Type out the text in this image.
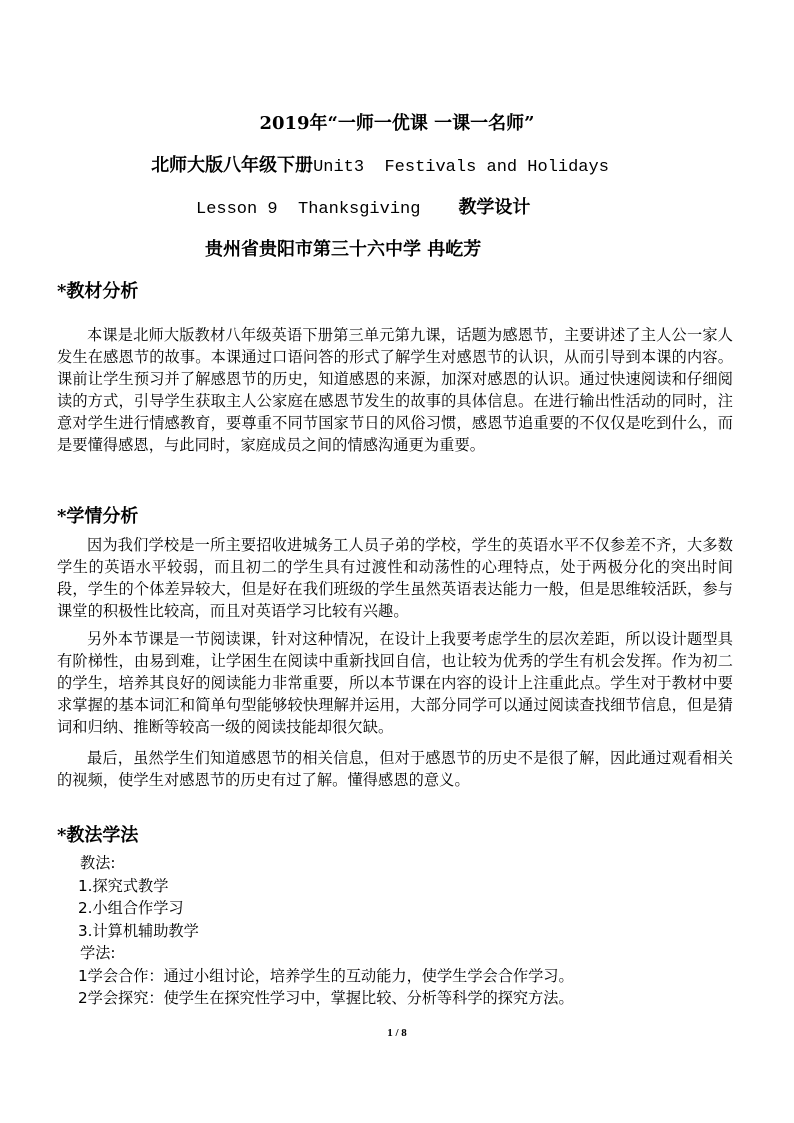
2019年“一师一优课 一课一名师”
北师大版八年级下册Unit3  Festivals and Holidays
Lesson 9  Thanksgiving 教学设计
贵州省贵阳市第三十六中学 冉屹芳
*教材分析
本课是北师大版教材八年级英语下册第三单元第九课，话题为感恩节，主要讲述了主人公一家人发生在感恩节的故事。本课通过口语问答的形式了解学生对感恩节的认识，从而引导到本课的内容。课前让学生预习并了解感恩节的历史，知道感恩的来源，加深对感恩的认识。通过快速阅读和仔细阅读的方式，引导学生获取主人公家庭在感恩节发生的故事的具体信息。在进行输出性活动的同时，注意对学生进行情感教育，要尊重不同节国家节日的风俗习惯，感恩节追重要的不仅仅是吃到什么，而是要懂得感恩，与此同时，家庭成员之间的情感沟通更为重要。
*学情分析
因为我们学校是一所主要招收进城务工人员子弟的学校，学生的英语水平不仅参差不齐，大多数学生的英语水平较弱，而且初二的学生具有过渡性和动荡性的心理特点，处于两极分化的突出时间段，学生的个体差异较大，但是好在我们班级的学生虽然英语表达能力一般，但是思维较活跃，参与课堂的积极性比较高，而且对英语学习比较有兴趣。
另外本节课是一节阅读课，针对这种情况，在设计上我要考虑学生的层次差距，所以设计题型具有阶梯性，由易到难，让学困生在阅读中重新找回自信，也让较为优秀的学生有机会发挥。作为初二的学生，培养其良好的阅读能力非常重要，所以本节课在内容的设计上注重此点。学生对于教材中要求掌握的基本词汇和简单句型能够较快理解并运用，大部分同学可以通过阅读查找细节信息，但是猜词和归纳、推断等较高一级的阅读技能却很欠缺。
最后，虽然学生们知道感恩节的相关信息，但对于感恩节的历史不是很了解，因此通过观看相关的视频，使学生对感恩节的历史有过了解。懂得感恩的意义。
*教法学法
教法:
1.探究式教学
2.小组合作学习
3.计算机辅助教学
学法:
1学会合作：通过小组讨论，培养学生的互动能力，使学生学会合作学习。
2学会探究：使学生在探究性学习中，掌握比较、分析等科学的探究方法。
1 / 8
